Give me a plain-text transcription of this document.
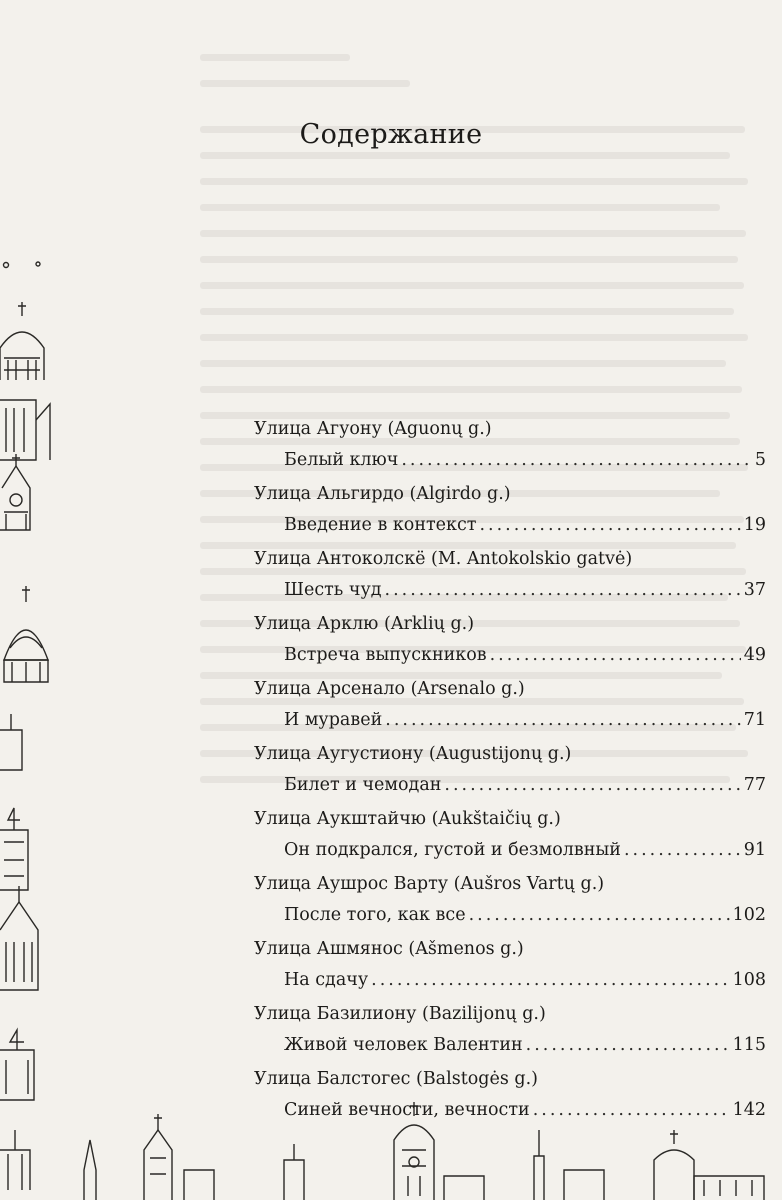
Содержание
Улица Агуону (Aguonų g.)
Белый ключ .....	5
Улица Альгирдо (Algirdo g.)
Введение в контекст .....	19
Улица Антоколскё (M. Antokolskio gatvė)
Шесть чуд .....	37
Улица Арклю (Arklių g.)
Встреча выпускников .....	49
Улица Арсенало (Arsenalo g.)
И муравей .....	71
Улица Аугустиону (Augustijonų g.)
Билет и чемодан .....	77
Улица Аукштайчю (Aukštaičių g.)
Он подкрался, густой и безмолвный .....	91
Улица Аушрос Варту (Aušros Vartų g.)
После того, как все .....	102
Улица Ашмянос (Ašmenos g.)
На сдачу .....	108
Улица Базилиону (Bazilijonų g.)
Живой человек Валентин .....	115
Улица Балстогес (Balstogės g.)
Синей вечности, вечности .....	142
